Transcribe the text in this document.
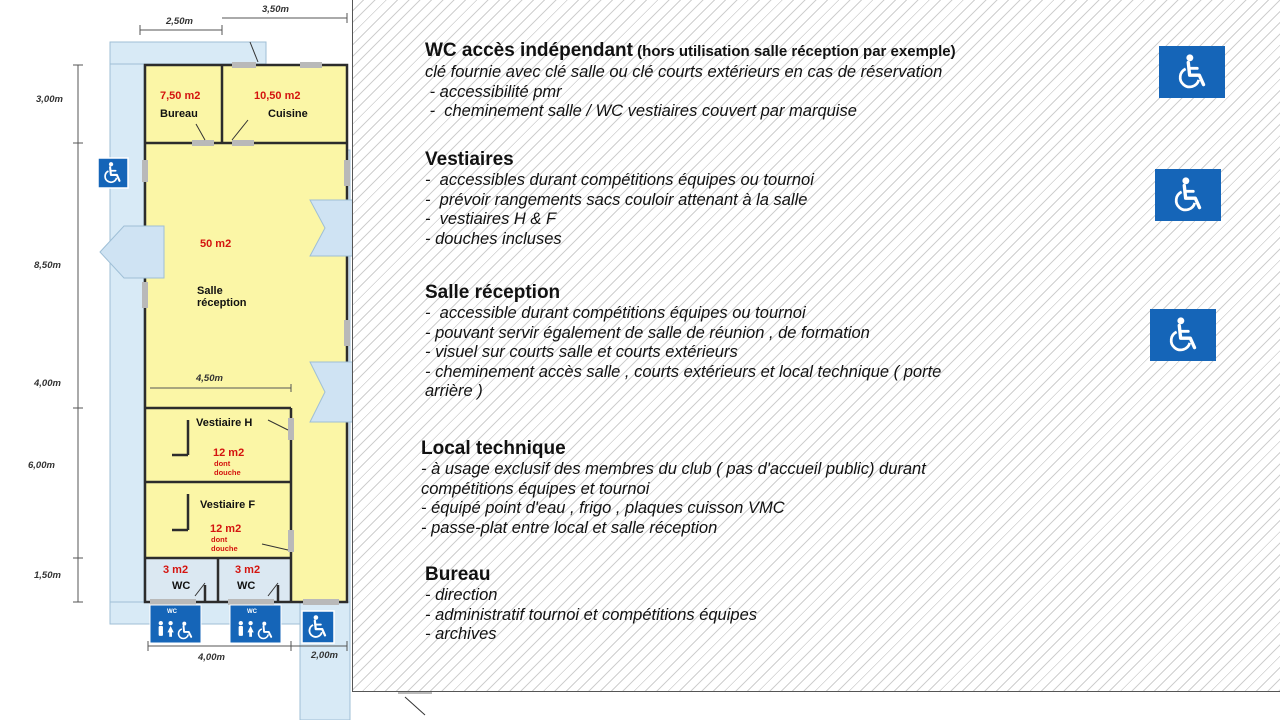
7,50 m2
Bureau
10,50 m2
Cuisine
50 m2
Salle
réception
Vestiaire H
12 m2
dont
douche
Vestiaire F
12 m2
dont
douche
3 m2
WC
3 m2
WC
2,50m
3,50m
3,00m
8,50m
4,00m
6,00m
1,50m
4,50m
4,00m	2,00m
WC	WC
WC accès indépendant (hors utilisation salle réception par exemple)

clé fournie avec clé salle ou clé courts extérieurs en cas de réservation

- accessibilité pmr

-  cheminement salle / WC vestiaires couvert par marquise

Vestiaires

-  accessibles durant compétitions équipes ou tournoi

-  prévoir rangements sacs couloir attenant à la salle

-  vestiaires H & F

- douches incluses

Salle réception

-  accessible durant compétitions équipes ou tournoi

- pouvant servir également de salle de réunion , de formation

- visuel sur courts salle et courts extérieurs

- cheminement accès salle , courts extérieurs et local technique ( porte

arrière )

Local technique

- à usage exclusif des membres du club ( pas d'accueil public) durant

compétitions équipes et tournoi

- équipé point d'eau , frigo , plaques cuisson VMC

- passe-plat entre local et salle réception

Bureau

- direction

- administratif tournoi et compétitions équipes

- archives
